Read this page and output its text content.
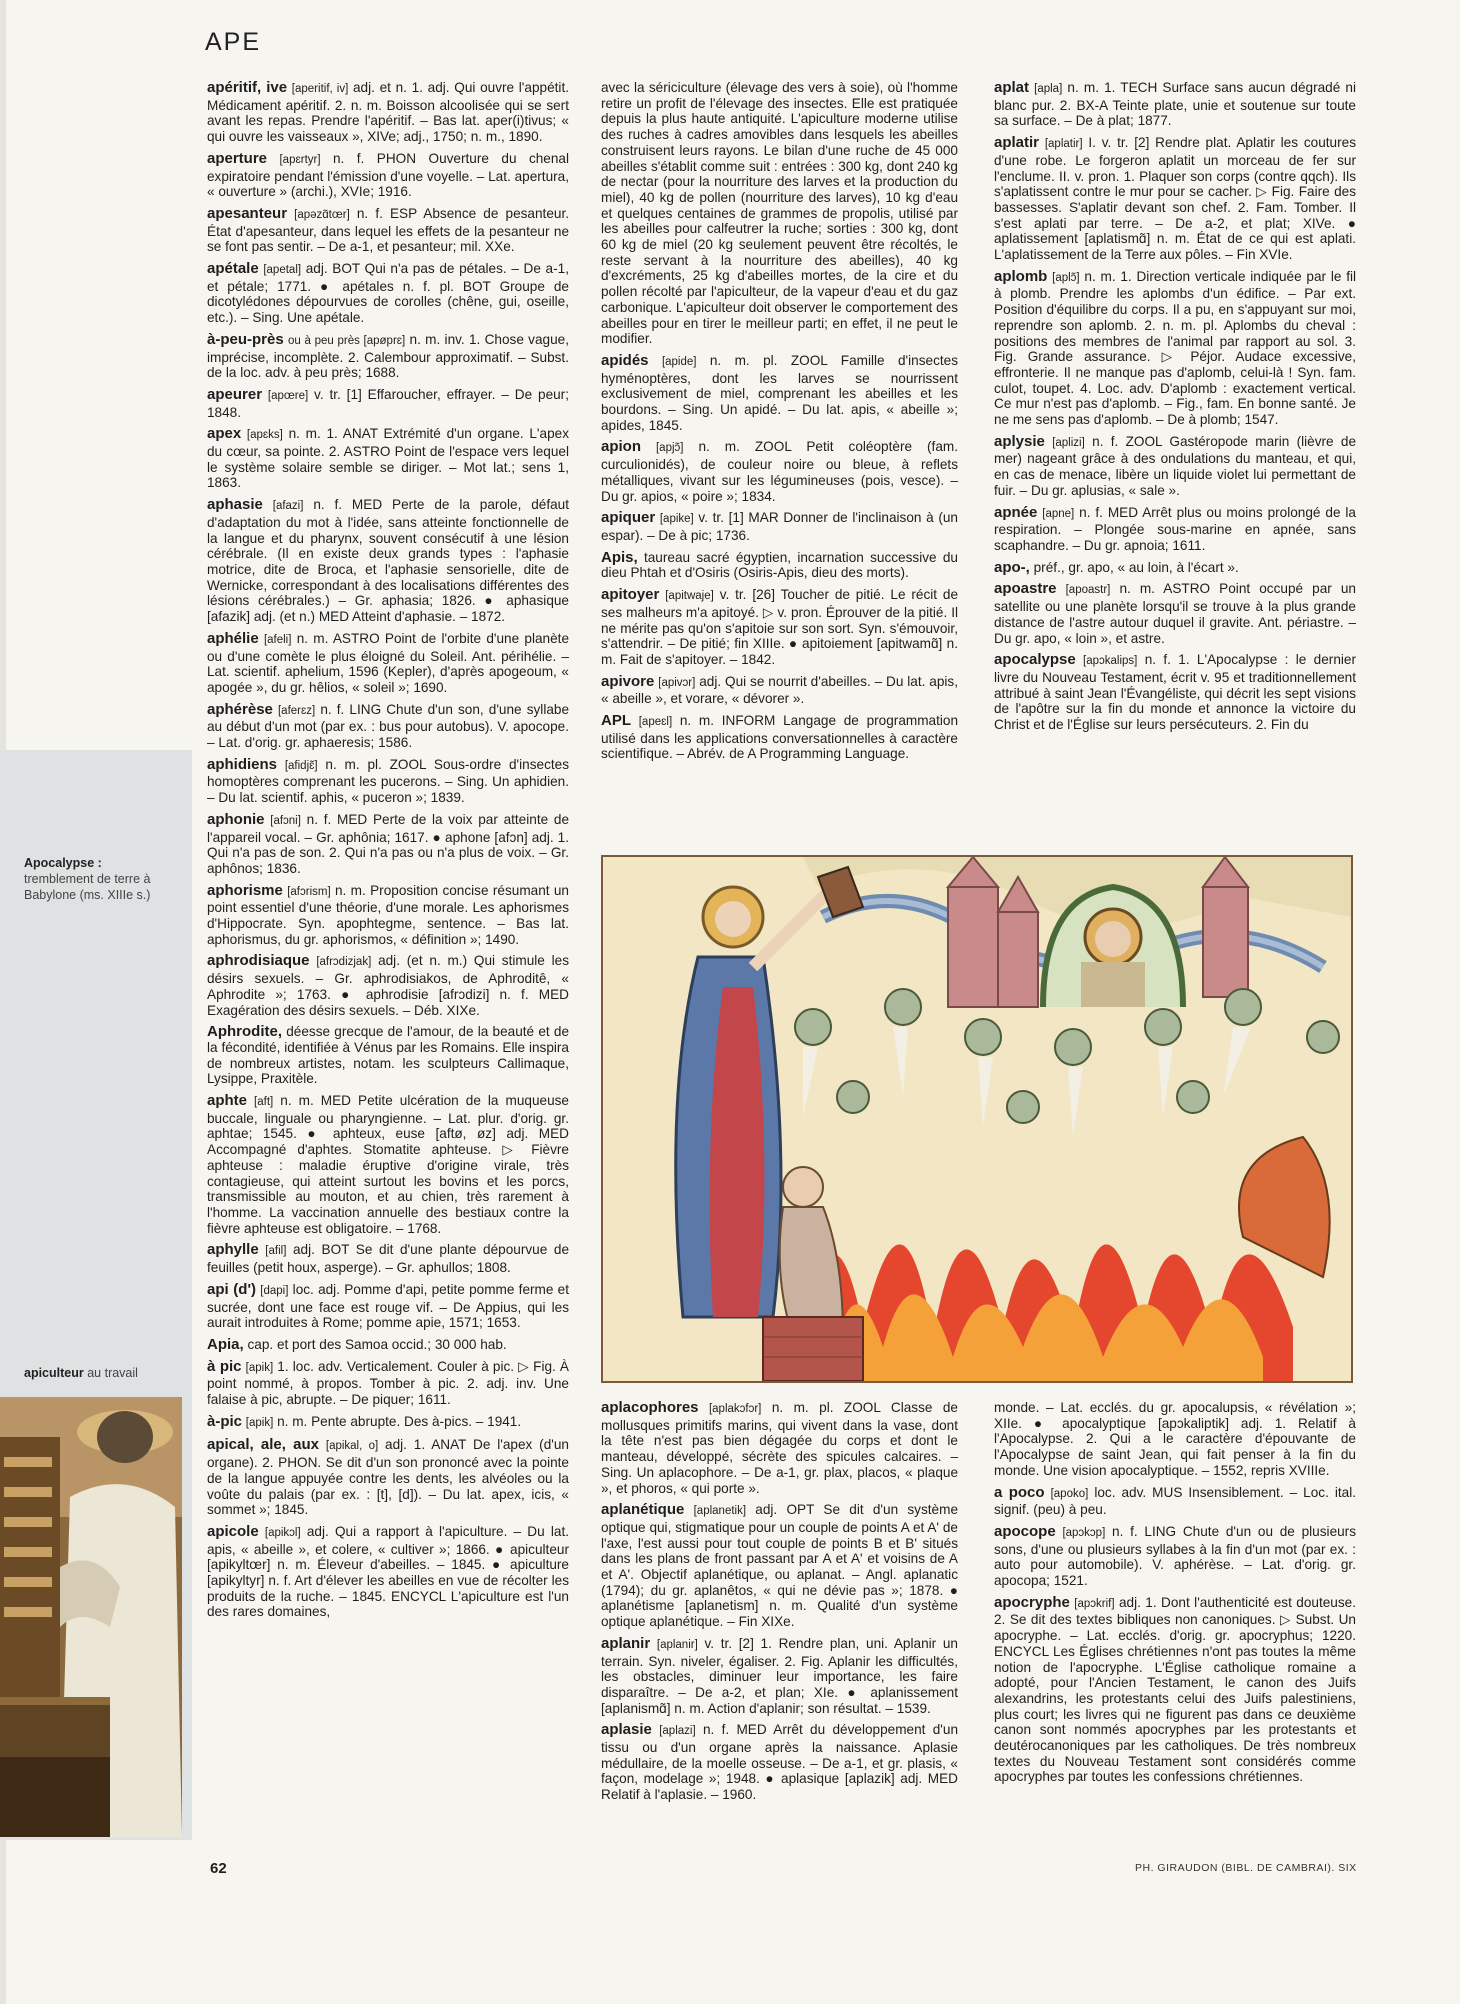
APE
Apocalypse :
tremblement de terre à Babylone (ms. XIIIe s.)
apiculteur au travail

apéritif, ive [aperitif, iv] adj. et n. 1. adj. Qui ouvre l'appétit. Médicament apéritif. 2. n. m. Boisson alcoolisée qui se sert avant les repas. Prendre l'apéritif. – Bas lat. aper(i)tivus; « qui ouvre les vaisseaux », XIVe; adj., 1750; n. m., 1890.

aperture [apɛrtyr] n. f. PHON Ouverture du chenal expiratoire pendant l'émission d'une voyelle. – Lat. apertura, « ouverture » (archi.), XVIe; 1916.

apesanteur [apəzɑ̃tœr] n. f. ESP Absence de pesanteur. État d'apesanteur, dans lequel les effets de la pesanteur ne se font pas sentir. – De a-1, et pesanteur; mil. XXe.

apétale [apetal] adj. BOT Qui n'a pas de pétales. – De a-1, et pétale; 1771. ● apétales n. f. pl. BOT Groupe de dicotylédones dépourvues de corolles (chêne, gui, oseille, etc.). – Sing. Une apétale.

à-peu-près ou à peu près [apøprɛ] n. m. inv. 1. Chose vague, imprécise, incomplète. 2. Calembour approximatif. – Subst. de la loc. adv. à peu près; 1688.

apeurer [apœre] v. tr. [1] Effaroucher, effrayer. – De peur; 1848.

apex [apɛks] n. m. 1. ANAT Extrémité d'un organe. L'apex du cœur, sa pointe. 2. ASTRO Point de l'espace vers lequel le système solaire semble se diriger. – Mot lat.; sens 1, 1863.

aphasie [afazi] n. f. MED Perte de la parole, défaut d'adaptation du mot à l'idée, sans atteinte fonctionnelle de la langue et du pharynx, souvent consécutif à une lésion cérébrale. (Il en existe deux grands types : l'aphasie motrice, dite de Broca, et l'aphasie sensorielle, dite de Wernicke, correspondant à des localisations différentes des lésions cérébrales.) – Gr. aphasia; 1826. ● aphasique [afazik] adj. (et n.) MED Atteint d'aphasie. – 1872.

aphélie [afeli] n. m. ASTRO Point de l'orbite d'une planète ou d'une comète le plus éloigné du Soleil. Ant. périhélie. – Lat. scientif. aphelium, 1596 (Kepler), d'après apogeoum, « apogée », du gr. hêlios, « soleil »; 1690.

aphérèse [aferɛz] n. f. LING Chute d'un son, d'une syllabe au début d'un mot (par ex. : bus pour autobus). V. apocope. – Lat. d'orig. gr. aphaeresis; 1586.

aphidiens [afidjɛ̃] n. m. pl. ZOOL Sous-ordre d'insectes homoptères comprenant les pucerons. – Sing. Un aphidien. – Du lat. scientif. aphis, « puceron »; 1839.

aphonie [afɔni] n. f. MED Perte de la voix par atteinte de l'appareil vocal. – Gr. aphônia; 1617. ● aphone [afɔn] adj. 1. Qui n'a pas de son. 2. Qui n'a pas ou n'a plus de voix. – Gr. aphônos; 1836.

aphorisme [afɔrism] n. m. Proposition concise résumant un point essentiel d'une théorie, d'une morale. Les aphorismes d'Hippocrate. Syn. apophtegme, sentence. – Bas lat. aphorismus, du gr. aphorismos, « définition »; 1490.

aphrodisiaque [afrɔdizjak] adj. (et n. m.) Qui stimule les désirs sexuels. – Gr. aphrodisiakos, de Aphroditê, « Aphrodite »; 1763. ● aphrodisie [afrɔdizi] n. f. MED Exagération des désirs sexuels. – Déb. XIXe.

Aphrodite, déesse grecque de l'amour, de la beauté et de la fécondité, identifiée à Vénus par les Romains. Elle inspira de nombreux artistes, notam. les sculpteurs Callimaque, Lysippe, Praxitèle.

aphte [aft] n. m. MED Petite ulcération de la muqueuse buccale, linguale ou pharyngienne. – Lat. plur. d'orig. gr. aphtae; 1545. ● aphteux, euse [aftø, øz] adj. MED Accompagné d'aphtes. Stomatite aphteuse. ▷ Fièvre aphteuse : maladie éruptive d'origine virale, très contagieuse, qui atteint surtout les bovins et les porcs, transmissible au mouton, et au chien, très rarement à l'homme. La vaccination annuelle des bestiaux contre la fièvre aphteuse est obligatoire. – 1768.

aphylle [afil] adj. BOT Se dit d'une plante dépourvue de feuilles (petit houx, asperge). – Gr. aphullos; 1808.

api (d') [dapi] loc. adj. Pomme d'api, petite pomme ferme et sucrée, dont une face est rouge vif. – De Appius, qui les aurait introduites à Rome; pomme apie, 1571; 1653.

Apia, cap. et port des Samoa occid.; 30 000 hab.

à pic [apik] 1. loc. adv. Verticalement. Couler à pic. ▷ Fig. À point nommé, à propos. Tomber à pic. 2. adj. inv. Une falaise à pic, abrupte. – De piquer; 1611.

à-pic [apik] n. m. Pente abrupte. Des à-pics. – 1941.

apical, ale, aux [apikal, o] adj. 1. ANAT De l'apex (d'un organe). 2. PHON. Se dit d'un son prononcé avec la pointe de la langue appuyée contre les dents, les alvéoles ou la voûte du palais (par ex. : [t], [d]). – Du lat. apex, icis, « sommet »; 1845.

apicole [apikɔl] adj. Qui a rapport à l'apiculture. – Du lat. apis, « abeille », et colere, « cultiver »; 1866. ● apiculteur [apikyltœr] n. m. Éleveur d'abeilles. – 1845. ● apiculture [apikyltyr] n. f. Art d'élever les abeilles en vue de récolter les produits de la ruche. – 1845. ENCYCL L'apiculture est l'un des rares domaines,

avec la sériciculture (élevage des vers à soie), où l'homme retire un profit de l'élevage des insectes. Elle est pratiquée depuis la plus haute antiquité. L'apiculture moderne utilise des ruches à cadres amovibles dans lesquels les abeilles construisent leurs rayons. Le bilan d'une ruche de 45 000 abeilles s'établit comme suit : entrées : 300 kg, dont 240 kg de nectar (pour la nourriture des larves et la production du miel), 40 kg de pollen (nourriture des larves), 10 kg d'eau et quelques centaines de grammes de propolis, utilisé par les abeilles pour calfeutrer la ruche; sorties : 300 kg, dont 60 kg de miel (20 kg seulement peuvent être récoltés, le reste servant à la nourriture des abeilles), 40 kg d'excréments, 25 kg d'abeilles mortes, de la cire et du pollen récolté par l'apiculteur, de la vapeur d'eau et du gaz carbonique. L'apiculteur doit observer le comportement des abeilles pour en tirer le meilleur parti; en effet, il ne peut le modifier.

apidés [apide] n. m. pl. ZOOL Famille d'insectes hyménoptères, dont les larves se nourrissent exclusivement de miel, comprenant les abeilles et les bourdons. – Sing. Un apidé. – Du lat. apis, « abeille »; apides, 1845.

apion [apjɔ̃] n. m. ZOOL Petit coléoptère (fam. curculionidés), de couleur noire ou bleue, à reflets métalliques, vivant sur les légumineuses (pois, vesce). – Du gr. apios, « poire »; 1834.

apiquer [apike] v. tr. [1] MAR Donner de l'inclinaison à (un espar). – De à pic; 1736.

Apis, taureau sacré égyptien, incarnation successive du dieu Phtah et d'Osiris (Osiris-Apis, dieu des morts).

apitoyer [apitwaje] v. tr. [26] Toucher de pitié. Le récit de ses malheurs m'a apitoyé. ▷ v. pron. Éprouver de la pitié. Il ne mérite pas qu'on s'apitoie sur son sort. Syn. s'émouvoir, s'attendrir. – De pitié; fin XIIIe. ● apitoiement [apitwamɑ̃] n. m. Fait de s'apitoyer. – 1842.

apivore [apivɔr] adj. Qui se nourrit d'abeilles. – Du lat. apis, « abeille », et vorare, « dévorer ».

APL [apeɛl] n. m. INFORM Langage de programmation utilisé dans les applications conversationnelles à caractère scientifique. – Abrév. de A Programming Language.

aplat [apla] n. m. 1. TECH Surface sans aucun dégradé ni blanc pur. 2. BX-A Teinte plate, unie et soutenue sur toute sa surface. – De à plat; 1877.

aplatir [aplatir] I. v. tr. [2] Rendre plat. Aplatir les coutures d'une robe. Le forgeron aplatit un morceau de fer sur l'enclume. II. v. pron. 1. Plaquer son corps (contre qqch). Ils s'aplatissent contre le mur pour se cacher. ▷ Fig. Faire des bassesses. S'aplatir devant son chef. 2. Fam. Tomber. Il s'est aplati par terre. – De a-2, et plat; XIVe. ● aplatissement [aplatismɑ̃] n. m. État de ce qui est aplati. L'aplatissement de la Terre aux pôles. – Fin XVIe.

aplomb [aplɔ̃] n. m. 1. Direction verticale indiquée par le fil à plomb. Prendre les aplombs d'un édifice. – Par ext. Position d'équilibre du corps. Il a pu, en s'appuyant sur moi, reprendre son aplomb. 2. n. m. pl. Aplombs du cheval : positions des membres de l'animal par rapport au sol. 3. Fig. Grande assurance. ▷ Péjor. Audace excessive, effronterie. Il ne manque pas d'aplomb, celui-là ! Syn. fam. culot, toupet. 4. Loc. adv. D'aplomb : exactement vertical. Ce mur n'est pas d'aplomb. – Fig., fam. En bonne santé. Je ne me sens pas d'aplomb. – De à plomb; 1547.

aplysie [aplizi] n. f. ZOOL Gastéropode marin (lièvre de mer) nageant grâce à des ondulations du manteau, et qui, en cas de menace, libère un liquide violet lui permettant de fuir. – Du gr. aplusias, « sale ».

apnée [apne] n. f. MED Arrêt plus ou moins prolongé de la respiration. – Plongée sous-marine en apnée, sans scaphandre. – Du gr. apnoia; 1611.

apo-, préf., gr. apo, « au loin, à l'écart ».

apoastre [apoastr] n. m. ASTRO Point occupé par un satellite ou une planète lorsqu'il se trouve à la plus grande distance de l'astre autour duquel il gravite. Ant. périastre. – Du gr. apo, « loin », et astre.

apocalypse [apɔkalips] n. f. 1. L'Apocalypse : le dernier livre du Nouveau Testament, écrit v. 95 et traditionnellement attribué à saint Jean l'Évangéliste, qui décrit les sept visions de l'apôtre sur la fin du monde et annonce la victoire du Christ et de l'Église sur leurs persécuteurs. 2. Fin du

aplacophores [aplakɔfɔr] n. m. pl. ZOOL Classe de mollusques primitifs marins, qui vivent dans la vase, dont la tête n'est pas bien dégagée du corps et dont le manteau, développé, sécrète des spicules calcaires. – Sing. Un aplacophore. – De a-1, gr. plax, placos, « plaque », et phoros, « qui porte ».

aplanétique [aplanetik] adj. OPT Se dit d'un système optique qui, stigmatique pour un couple de points A et A' de l'axe, l'est aussi pour tout couple de points B et B' situés dans les plans de front passant par A et A' et voisins de A et A'. Objectif aplanétique, ou aplanat. – Angl. aplanatic (1794); du gr. aplanêtos, « qui ne dévie pas »; 1878. ● aplanétisme [aplanetism] n. m. Qualité d'un système optique aplanétique. – Fin XIXe.

aplanir [aplanir] v. tr. [2] 1. Rendre plan, uni. Aplanir un terrain. Syn. niveler, égaliser. 2. Fig. Aplanir les difficultés, les obstacles, diminuer leur importance, les faire disparaître. – De a-2, et plan; XIe. ● aplanissement [aplanismɑ̃] n. m. Action d'aplanir; son résultat. – 1539.

aplasie [aplazi] n. f. MED Arrêt du développement d'un tissu ou d'un organe après la naissance. Aplasie médullaire, de la moelle osseuse. – De a-1, et gr. plasis, « façon, modelage »; 1948. ● aplasique [aplazik] adj. MED Relatif à l'aplasie. – 1960.

monde. – Lat. ecclés. du gr. apocalupsis, « révélation »; XIIe. ● apocalyptique [apɔkaliptik] adj. 1. Relatif à l'Apocalypse. 2. Qui a le caractère d'épouvante de l'Apocalypse de saint Jean, qui fait penser à la fin du monde. Une vision apocalyptique. – 1552, repris XVIIIe.

a poco [apoko] loc. adv. MUS Insensiblement. – Loc. ital. signif. (peu) à peu.

apocope [apɔkɔp] n. f. LING Chute d'un ou de plusieurs sons, d'une ou plusieurs syllabes à la fin d'un mot (par ex. : auto pour automobile). V. aphérèse. – Lat. d'orig. gr. apocopa; 1521.

apocryphe [apɔkrif] adj. 1. Dont l'authenticité est douteuse. 2. Se dit des textes bibliques non canoniques. ▷ Subst. Un apocryphe. – Lat. ecclés. d'orig. gr. apocryphus; 1220. ENCYCL Les Églises chrétiennes n'ont pas toutes la même notion de l'apocryphe. L'Église catholique romaine a adopté, pour l'Ancien Testament, le canon des Juifs alexandrins, les protestants celui des Juifs palestiniens, plus court; les livres qui ne figurent pas dans ce deuxième canon sont nommés apocryphes par les protestants et deutérocanoniques par les catholiques. De très nombreux textes du Nouveau Testament sont considérés comme apocryphes par toutes les confessions chrétiennes.

62	PH. GIRAUDON (BIBL. DE CAMBRAI). SIX
